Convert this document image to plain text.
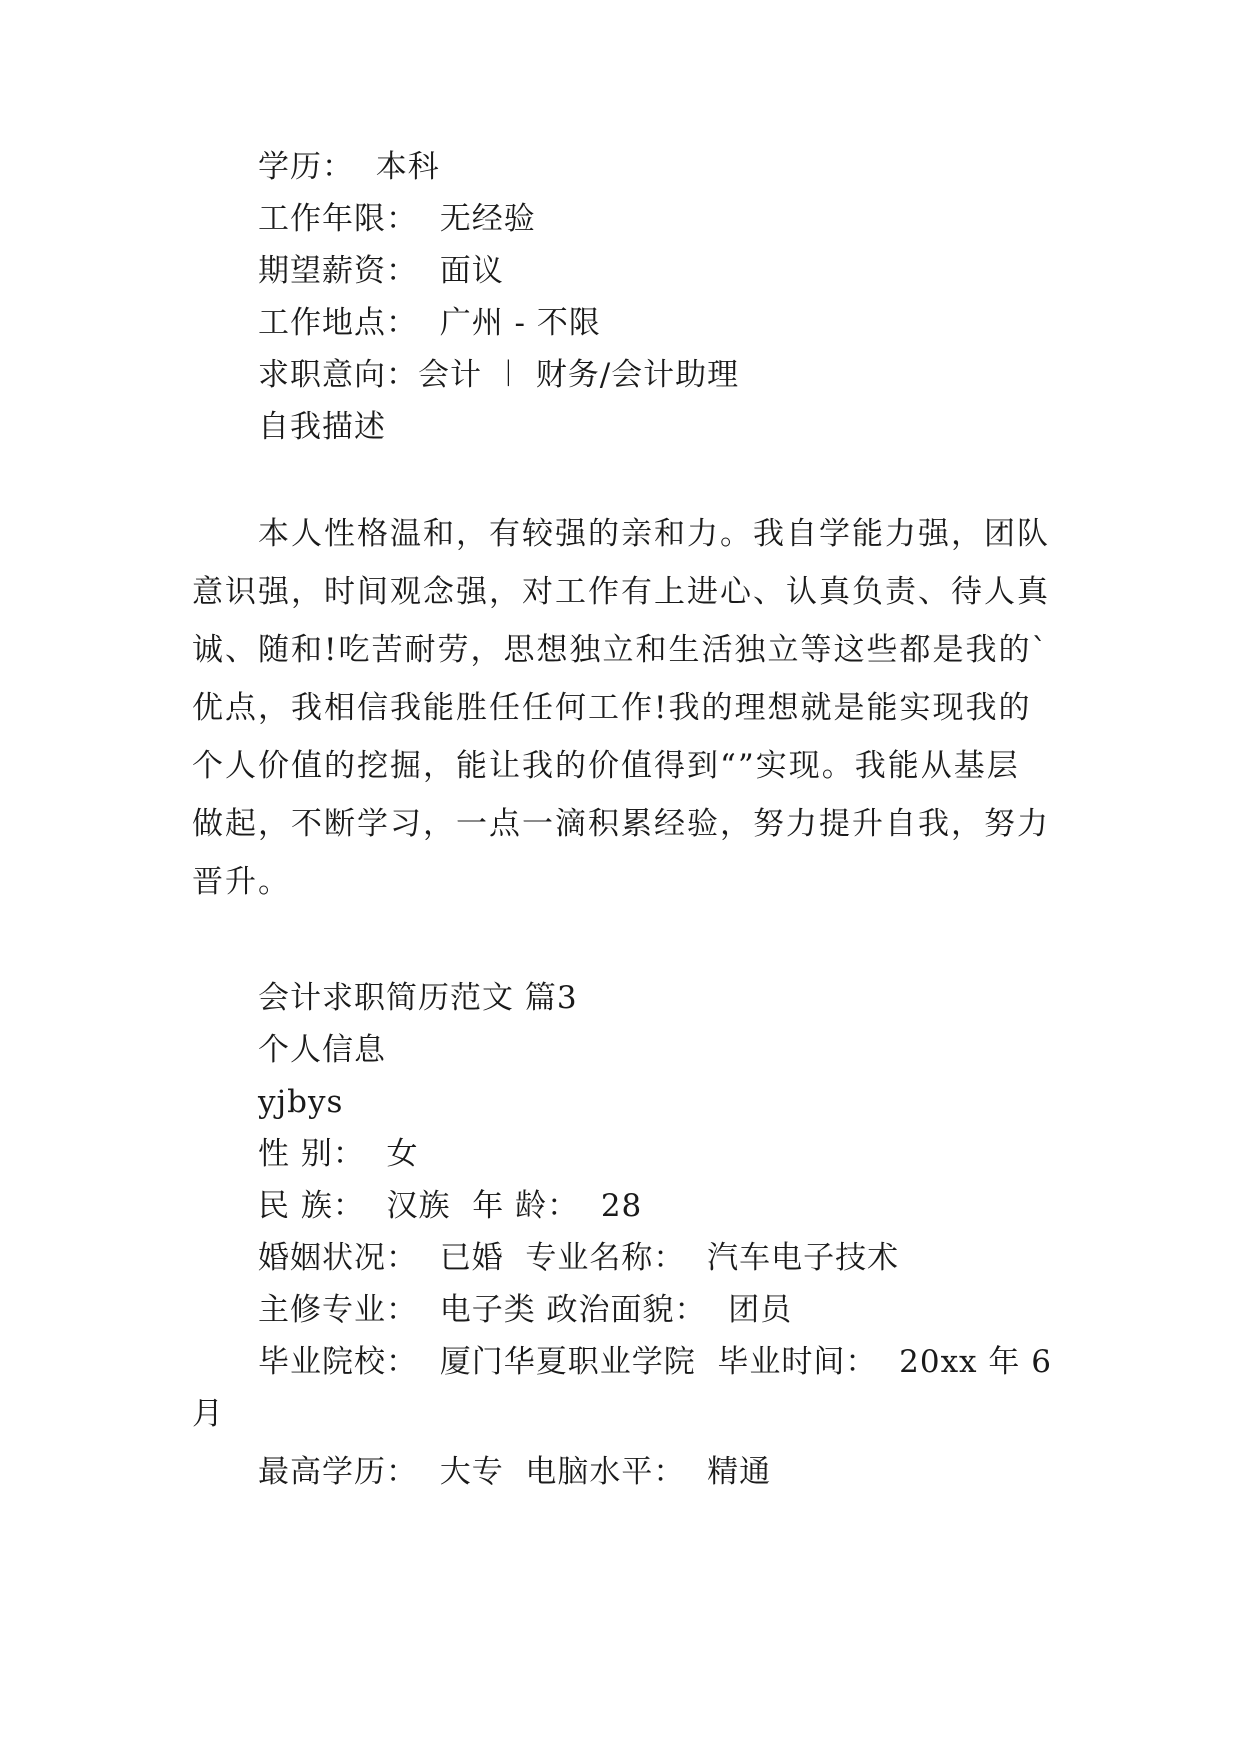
学历：  本科
工作年限：  无经验
期望薪资：  面议
工作地点：  广州 - 不限
求职意向：会计 ︱ 财务/会计助理
自我描述
本人性格温和，有较强的亲和力。我自学能力强，团队
意识强，时间观念强，对工作有上进心、认真负责、待人真
诚、随和!吃苦耐劳，思想独立和生活独立等这些都是我的`
优点，我相信我能胜任任何工作!我的理想就是能实现我的
个人价值的挖掘，能让我的价值得到“”实现。我能从基层
做起，不断学习，一点一滴积累经验，努力提升自我，努力
晋升。
会计求职简历范文 篇3
个人信息
yjbys
性 别：  女
民 族：  汉族  年 龄：  28
婚姻状况：  已婚  专业名称：  汽车电子技术
主修专业：  电子类 政治面貌：  团员
毕业院校：  厦门华夏职业学院  毕业时间：  20xx 年 6
月
最高学历：  大专  电脑水平：  精通
